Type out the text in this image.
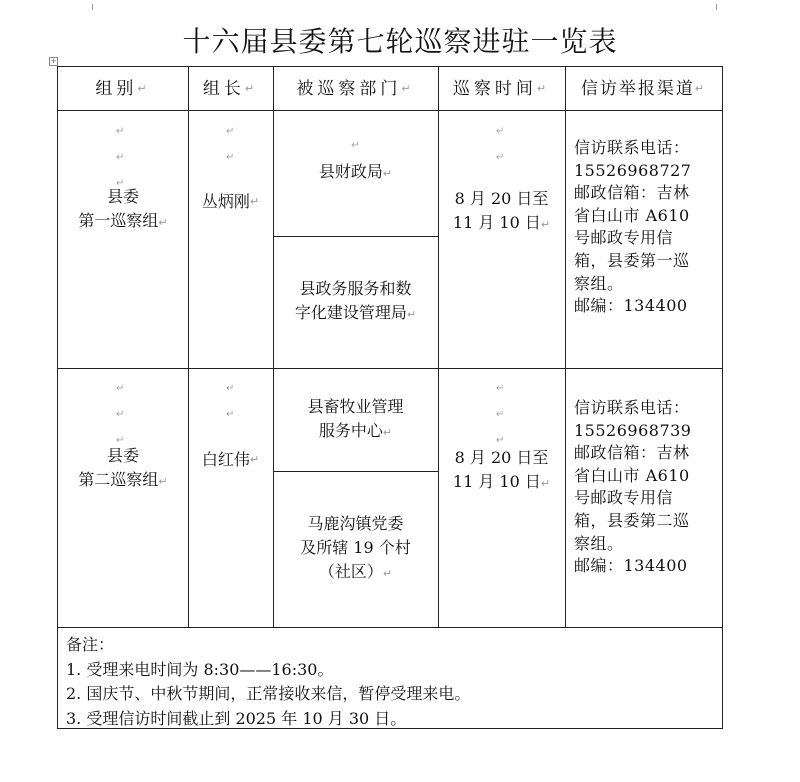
十六届县委第七轮巡察进驻一览表
+
组别 ↵	组长 ↵ 被巡察部门 ↵ 巡察时间 ↵ 信访举报渠道 ↵
↵
↵
↵
县委
第一巡察组↵
↵
↵
丛炳刚 ↵
↵
县财政局↵

县政务服务和数
字化建设管理局↵
↵
↵
8 月 20 日至
11 月 10 日↵
信访联系电话：
15526968727
邮政信箱：吉林
省白山市 A610
号邮政专用信
箱，县委第一巡
察组。
邮编：134400
↵
↵
↵
县委
第二巡察组↵
↵
↵
白红伟 ↵
县畜牧业管理
服务中心↵
马鹿沟镇党委
及所辖 19 个村
（社区）↵
↵
↵
↵
8 月 20 日至
11 月 10 日↵
信访联系电话：
15526968739
邮政信箱：吉林
省白山市 A610
号邮政专用信
箱，县委第二巡
察组。
邮编：134400
备注：
1. 受理来电时间为 8:30——16:30。
2. 国庆节、中秋节期间，正常接收来信，暂停受理来电。
3. 受理信访时间截止到 2025 年 10 月 30 日。
